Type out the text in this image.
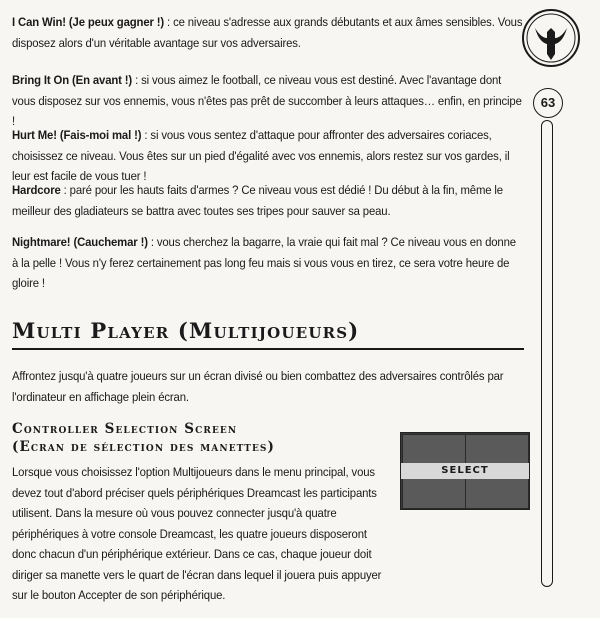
63

I Can Win! (Je peux gagner !) : ce niveau s'adresse aux grands débutants et aux âmes sensibles. Vous disposez alors d'un véritable avantage sur vos adversaires.

Bring It On (En avant !) : si vous aimez le football, ce niveau vous est destiné. Avec l'avantage dont vous disposez sur vos ennemis, vous n'êtes pas prêt de succomber à leurs attaques… enfin, en principe !

Hurt Me! (Fais-moi mal !) : si vous vous sentez d'attaque pour affronter des adversaires coriaces, choisissez ce niveau. Vous êtes sur un pied d'égalité avec vos ennemis, alors restez sur vos gardes, il leur est facile de vous tuer !

Hardcore : paré pour les hauts faits d'armes ? Ce niveau vous est dédié ! Du début à la fin, même le meilleur des gladiateurs se battra avec toutes ses tripes pour sauver sa peau.

Nightmare! (Cauchemar !) : vous cherchez la bagarre, la vraie qui fait mal ? Ce niveau vous en donne à la pelle ! Vous n'y ferez certainement pas long feu mais si vous vous en tirez, ce sera votre heure de gloire !

Multi Player (Multijoueurs)

Affrontez jusqu'à quatre joueurs sur un écran divisé ou bien combattez des adversaires contrôlés par l'ordinateur en affichage plein écran.

Controller Selection Screen
(Ecran de sélection des manettes)

Lorsque vous choisissez l'option Multijoueurs dans le menu principal, vous devez tout d'abord préciser quels périphériques Dreamcast les participants utilisent. Dans la mesure où vous pouvez connecter jusqu'à quatre périphériques à votre console Dreamcast, les quatre joueurs disposeront donc chacun d'un périphérique extérieur. Dans ce cas, chaque joueur doit diriger sa manette vers le quart de l'écran dans lequel il jouera puis appuyer sur le bouton Accepter de son périphérique.

SELECT
